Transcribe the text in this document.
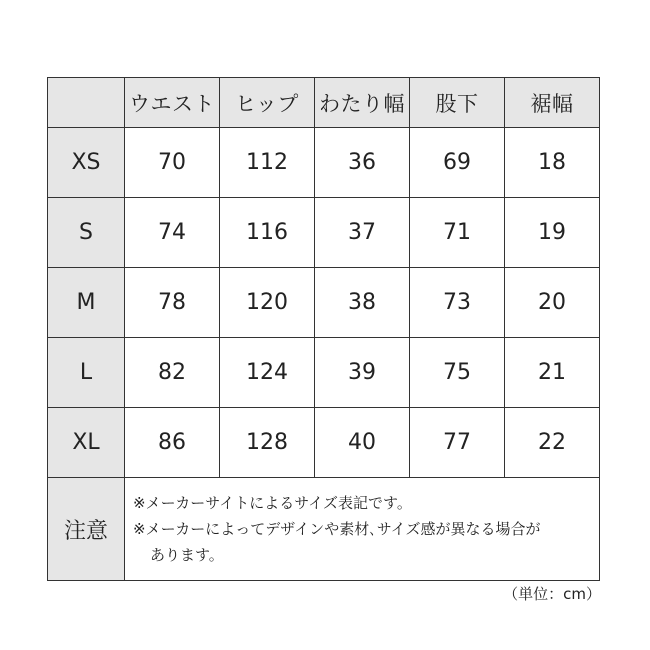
	ウエスト	ヒップ	わたり幅	股下	裾幅
XS	70	112	36	69	18
S	74	116	37	71	19
M	78	120	38	73	20
L	82	124	39	75	21
XL	86	128	40	77	22
注意	※メーカーサイトによるサイズ表記です。
※メーカーによってデザインや素材､サイズ感が異なる場合が
あります。				
（単位：cm）
